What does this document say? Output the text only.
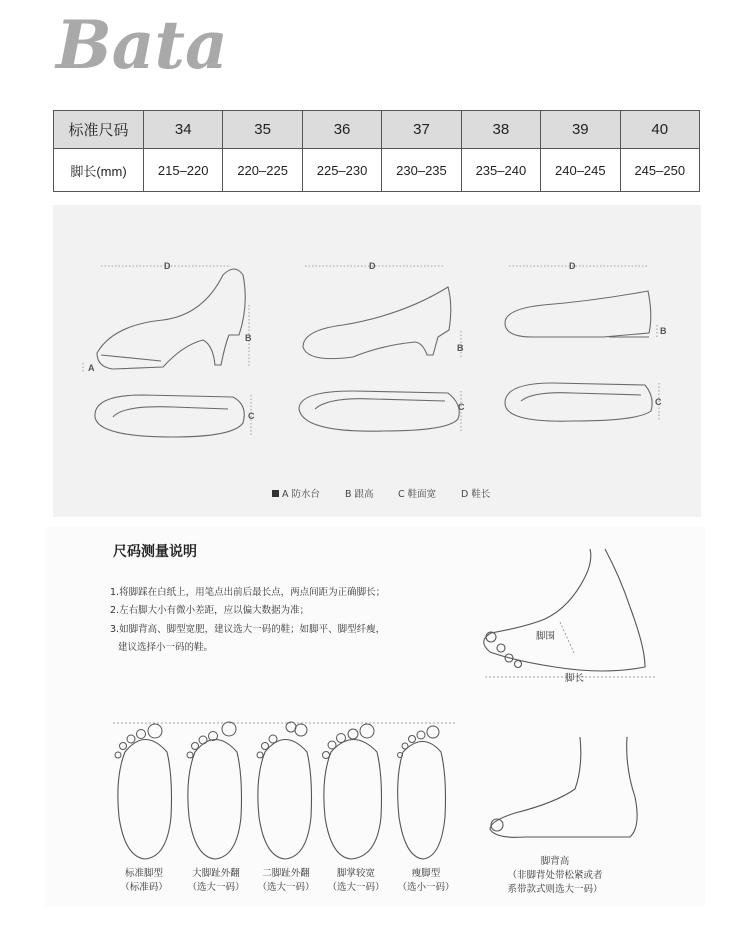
Bata
标准尺码	34	35	36	37	38	39	40
脚长(mm)	215–220	220–225	225–230	230–235	235–240	240–245	245–250
D	D	D
B
B
B
C
C	C
A
A 防水台	B 跟高	C 鞋面宽	D 鞋长
尺码测量说明
1.将脚踩在白纸上，用笔点出前后最长点，两点间距为正确脚长；
2.左右脚大小有微小差距，应以偏大数据为准；
3.如脚背高、脚型宽肥，建议选大一码的鞋；如脚平、脚型纤瘦，
建议选择小一码的鞋。
脚围
脚长
标准脚型
（标准码）
大脚趾外翻
（选大一码）
二脚趾外翻
（选大一码）
脚掌较宽
（选大一码）
瘦脚型
（选小一码）
脚背高
（非脚背处带松紧或者
系带款式则选大一码）
